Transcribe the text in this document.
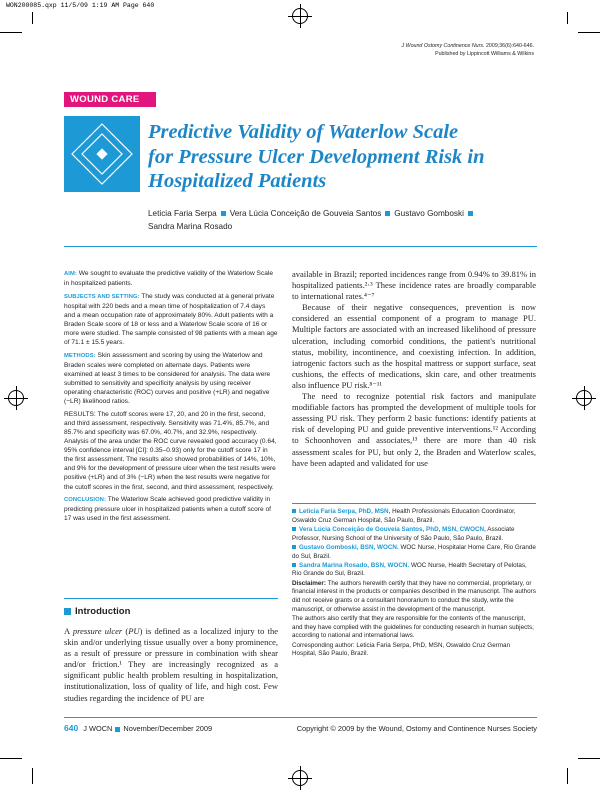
WON200085.qxp 11/5/09 1:19 AM Page 640
J Wound Ostomy Continence Nurs. 2009;36(6):640-646.
Published by Lippincott Williams & Wilkins
WOUND CARE
Predictive Validity of Waterlow Scale
for Pressure Ulcer Development Risk in
Hospitalized Patients
Leticia Faria Serpa Vera Lúcia Conceição de Gouveia Santos Gustavo Gomboski
Sandra Marina Rosado

AIM: We sought to evaluate the predictive validity of the Waterlow Scale in hospitalized patients.

SUBJECTS AND SETTING: The study was conducted at a general private hospital with 220 beds and a mean time of hospitalization of 7.4 days and a mean occupation rate of approximately 80%. Adult patients with a Braden Scale score of 18 or less and a Waterlow Scale score of 16 or more were studied. The sample consisted of 98 patients with a mean age of 71.1 ± 15.5 years.

METHODS: Skin assessment and scoring by using the Waterlow and Braden scales were completed on alternate days. Patients were examined at least 3 times to be considered for analysis. The data were submitted to sensitivity and specificity analysis by using receiver operating characteristic (ROC) curves and positive (+LR) and negative (−LR) likelihood ratios.

RESULTS: The cutoff scores were 17, 20, and 20 in the first, second, and third assessment, respectively. Sensitivity was 71.4%, 85.7%, and 85.7% and specificity was 67.0%, 40.7%, and 32.9%, respectively. Analysis of the area under the ROC curve revealed good accuracy (0.64, 95% confidence interval [CI]: 0.35–0.93) only for the cutoff score 17 in the first assessment. The results also showed probabilities of 14%, 10%, and 9% for the development of pressure ulcer when the test results were positive (+LR) and of 3% (−LR) when the test results were negative for the cutoff scores in the first, second, and third assessment, respectively.

CONCLUSION: The Waterlow Scale achieved good predictive validity in predicting pressure ulcer in hospitalized patients when a cutoff score of 17 was used in the first assessment.

Introduction
A pressure ulcer (PU) is defined as a localized injury to the skin and/or underlying tissue usually over a bony prominence, as a result of pressure or pressure in combination with shear and/or friction.¹ They are increasingly recognized as a significant public health problem resulting in hospitalization, institutionalization, loss of quality of life, and high cost. Few studies regarding the incidence of PU are

available in Brazil; reported incidences range from 0.94% to 39.81% in hospitalized patients.²·³ These incidence rates are broadly comparable to international rates.⁴⁻⁷

Because of their negative consequences, prevention is now considered an essential component of a program to manage PU. Multiple factors are associated with an increased likelihood of pressure ulceration, including comorbid conditions, the patient's nutritional status, mobility, incontinence, and coexisting infection. In addition, iatrogenic factors such as the hospital mattress or support surface, seat cushions, the effects of medications, skin care, and other treatments also influence PU risk.⁸⁻¹¹

The need to recognize potential risk factors and manipulate modifiable factors has prompted the development of multiple tools for assessing PU risk. They perform 2 basic functions: identify patients at risk of developing PU and guide preventive interventions.¹² According to Schoonhoven and associates,¹³ there are more than 40 risk assessment scales for PU, but only 2, the Braden and Waterlow scales, have been adapted and validated for use

Leticia Faria Serpa, PhD, MSN, Health Professionals Education Coordinator, Oswaldo Cruz German Hospital, São Paulo, Brazil.

Vera Lúcia Conceição de Gouveia Santos, PhD, MSN, CWOCN, Associate Professor, Nursing School of the University of São Paulo, São Paulo, Brazil.

Gustavo Gomboski, BSN, WOCN. WOC Nurse, Hospitalar Home Care, Rio Grande do Sul, Brazil.

Sandra Marina Rosado, BSN, WOCN. WOC Nurse, Health Secretary of Pelotas, Rio Grande do Sul, Brazil.

Disclaimer: The authors herewith certify that they have no commercial, proprietary, or financial interest in the products or companies described in the manuscript. The authors did not receive grants or a consultant honorarium to conduct the study, write the manuscript, or otherwise assist in the development of the manuscript.

The authors also certify that they are responsible for the contents of the manuscript, and they have complied with the guidelines for conducting research in human subjects, according to national and international laws.

Corresponding author: Leticia Faria Serpa, PhD, MSN, Oswaldo Cruz German Hospital, São Paulo, Brazil.

640 J WOCN November/December 2009	Copyright © 2009 by the Wound, Ostomy and Continence Nurses Society
